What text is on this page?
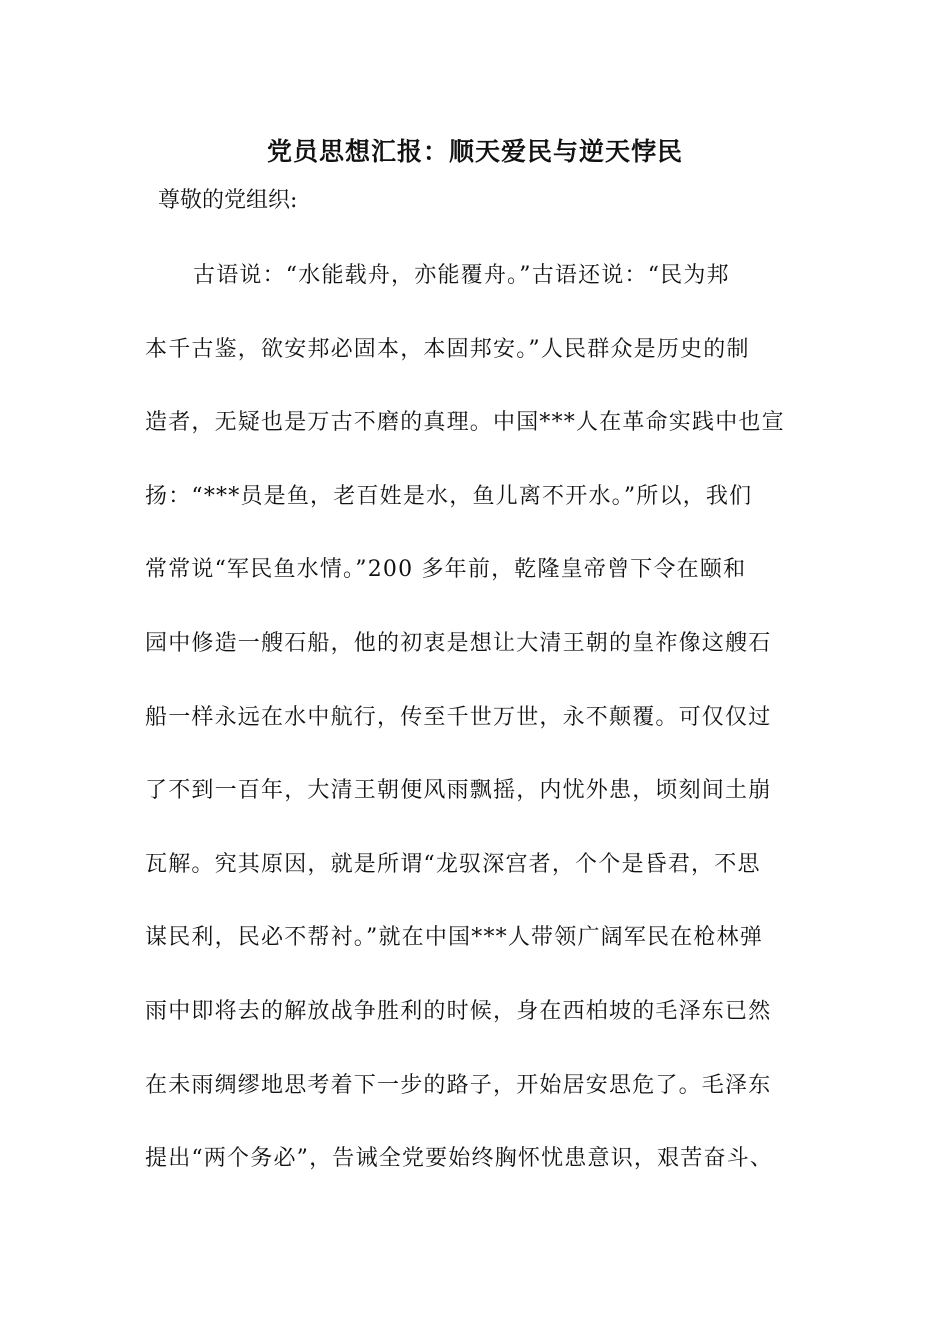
党员思想汇报：顺天爱民与逆天悖民

尊敬的党组织:

古语说：“水能载舟，亦能覆舟。”古语还说：“民为邦
本千古鉴，欲安邦必固本，本固邦安。”人民群众是历史的制
造者，无疑也是万古不磨的真理。中国***人在革命实践中也宣
扬：“***员是鱼，老百姓是水，鱼儿离不开水。”所以，我们
常常说“军民鱼水情。”200 多年前，乾隆皇帝曾下令在颐和
园中修造一艘石船，他的初衷是想让大清王朝的皇祚像这艘石
船一样永远在水中航行，传至千世万世，永不颠覆。可仅仅过
了不到一百年，大清王朝便风雨飘摇，内忧外患，顷刻间土崩
瓦解。究其原因，就是所谓“龙驭深宫者，个个是昏君，不思
谋民利，民必不帮衬。”就在中国***人带领广阔军民在枪林弹
雨中即将去的解放战争胜利的时候，身在西柏坡的毛泽东已然
在未雨绸缪地思考着下一步的路子，开始居安思危了。毛泽东
提出“两个务必”，告诫全党要始终胸怀忧患意识，艰苦奋斗、
